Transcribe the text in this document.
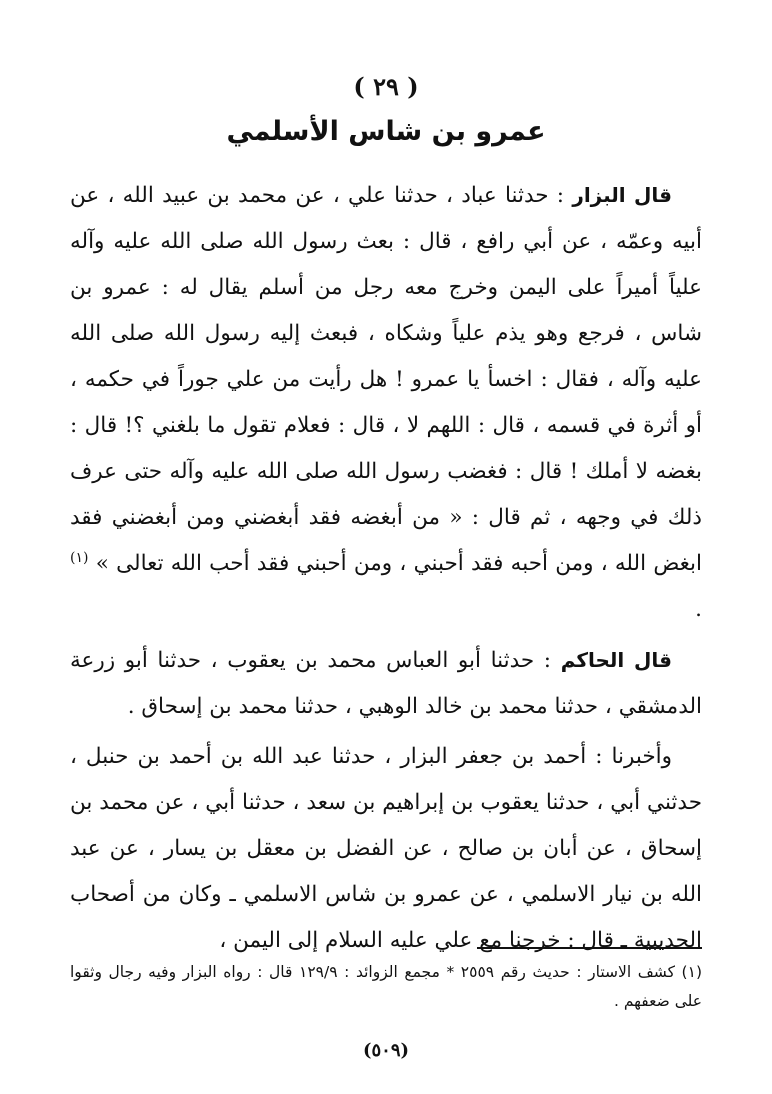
( ٢٩ )
عمرو بن شاس الأسلمي

قال البزار : حدثنا عباد ، حدثنا علي ، عن محمد بن عبيد الله ، عن أبيه وعمّه ، عن أبي رافع ، قال : بعث رسول الله صلى الله عليه وآله علياً أميراً على اليمن وخرج معه رجل من أسلم يقال له : عمرو بن شاس ، فرجع وهو يذم علياً وشكاه ، فبعث إليه رسول الله صلى الله عليه وآله ، فقال : اخسأ يا عمرو ! هل رأيت من علي جوراً في حكمه ، أو أثرة في قسمه ، قال : اللهم لا ، قال : فعلام تقول ما بلغني ؟! قال : بغضه لا أملك ! قال : فغضب رسول الله صلى الله عليه وآله حتى عرف ذلك في وجهه ، ثم قال : « من أبغضه فقد أبغضني ومن أبغضني فقد ابغض الله ، ومن أحبه فقد أحبني ، ومن أحبني فقد أحب الله تعالى » $^{(١)}$ .

قال الحاكم : حدثنا أبو العباس محمد بن يعقوب ، حدثنا أبو زرعة الدمشقي ، حدثنا محمد بن خالد الوهبي ، حدثنا محمد بن إسحاق .

وأخبرنا : أحمد بن جعفر البزار ، حدثنا عبد الله بن أحمد بن حنبل ، حدثني أبي ، حدثنا يعقوب بن إبراهيم بن سعد ، حدثنا أبي ، عن محمد بن إسحاق ، عن أبان بن صالح ، عن الفضل بن معقل بن يسار ، عن عبد الله بن نيار الاسلمي ، عن عمرو بن شاس الاسلمي ـ وكان من أصحاب الحديبية ـ قال : خرجنا مع علي عليه السلام إلى اليمن ،

(١) كشف الاستار : حديث رقم ٢٥٥٩ * مجمع الزوائد : ١٢٩/٩ قال : رواه البزار وفيه رجال وثقوا على ضعفهم .
(٥٠٩)
